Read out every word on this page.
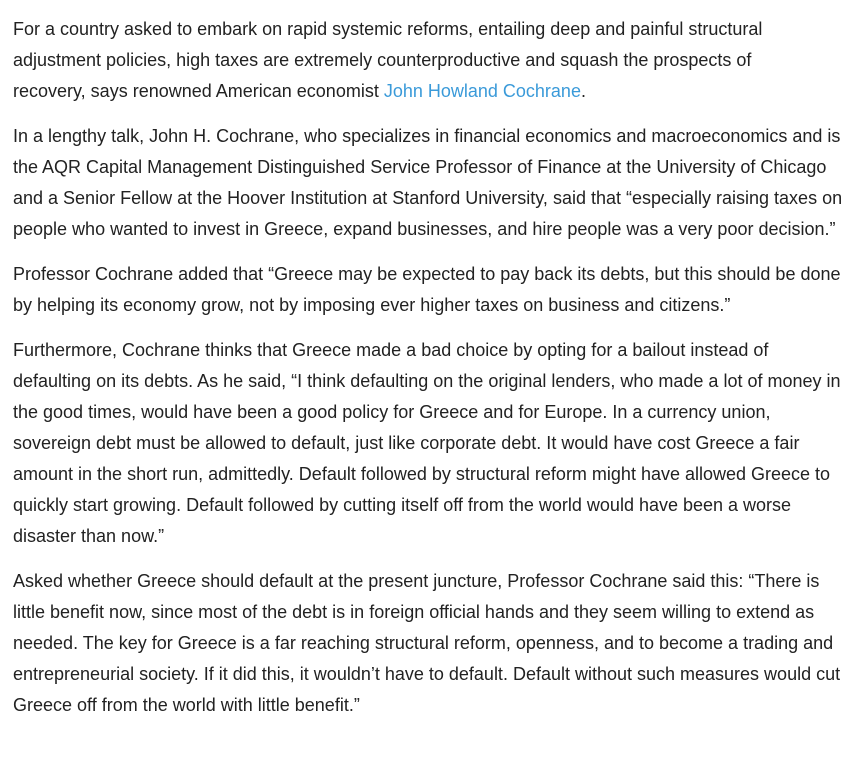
For a country asked to embark on rapid systemic reforms, entailing deep and painful structural adjustment policies, high taxes are extremely counterproductive and squash the prospects of recovery, says renowned American economist John Howland Cochrane.

In a lengthy talk, John H. Cochrane, who specializes in financial economics and macroeconomics and is the AQR Capital Management Distinguished Service Professor of Finance at the University of Chicago and a Senior Fellow at the Hoover Institution at Stanford University, said that “especially raising taxes on people who wanted to invest in Greece, expand businesses, and hire people was a very poor decision.”

Professor Cochrane added that “Greece may be expected to pay back its debts, but this should be done by helping its economy grow, not by imposing ever higher taxes on business and citizens.”

Furthermore, Cochrane thinks that Greece made a bad choice by opting for a bailout instead of defaulting on its debts. As he said, “I think defaulting on the original lenders, who made a lot of money in the good times, would have been a good policy for Greece and for Europe. In a currency union, sovereign debt must be allowed to default, just like corporate debt. It would have cost Greece a fair amount in the short run, admittedly. Default followed by structural reform might have allowed Greece to quickly start growing. Default followed by cutting itself off from the world would have been a worse disaster than now.”

Asked whether Greece should default at the present juncture, Professor Cochrane said this: “There is little benefit now, since most of the debt is in foreign official hands and they seem willing to extend as needed. The key for Greece is a far reaching structural reform, openness, and to become a trading and entrepreneurial society. If it did this, it wouldn’t have to default. Default without such measures would cut Greece off from the world with little benefit.”
